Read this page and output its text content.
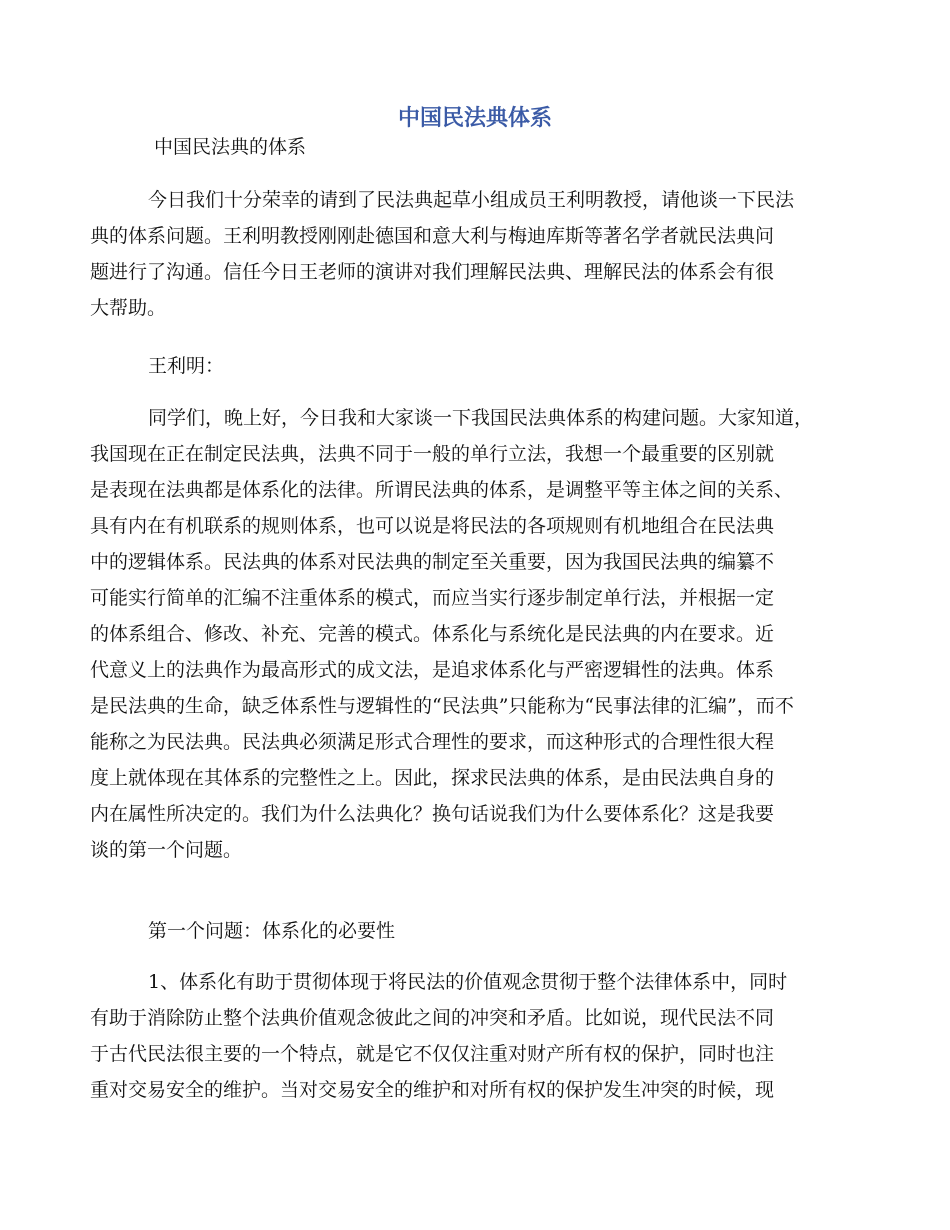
中国民法典体系
中国民法典的体系
今日我们十分荣幸的请到了民法典起草小组成员王利明教授，请他谈一下民法
典的体系问题。王利明教授刚刚赴德国和意大利与梅迪库斯等著名学者就民法典问
题进行了沟通。信任今日王老师的演讲对我们理解民法典、理解民法的体系会有很
大帮助。
王利明：
同学们，晚上好，今日我和大家谈一下我国民法典体系的构建问题。大家知道，
我国现在正在制定民法典，法典不同于一般的单行立法，我想一个最重要的区别就
是表现在法典都是体系化的法律。所谓民法典的体系，是调整平等主体之间的关系、
具有内在有机联系的规则体系，也可以说是将民法的各项规则有机地组合在民法典
中的逻辑体系。民法典的体系对民法典的制定至关重要，因为我国民法典的编纂不
可能实行简单的汇编不注重体系的模式，而应当实行逐步制定单行法，并根据一定
的体系组合、修改、补充、完善的模式。体系化与系统化是民法典的内在要求。近
代意义上的法典作为最高形式的成文法，是追求体系化与严密逻辑性的法典。体系
是民法典的生命，缺乏体系性与逻辑性的“民法典”只能称为“民事法律的汇编”，而不
能称之为民法典。民法典必须满足形式合理性的要求，而这种形式的合理性很大程
度上就体现在其体系的完整性之上。因此，探求民法典的体系，是由民法典自身的
内在属性所决定的。我们为什么法典化？换句话说我们为什么要体系化？这是我要
谈的第一个问题。
第一个问题：体系化的必要性
1、体系化有助于贯彻体现于将民法的价值观念贯彻于整个法律体系中，同时
有助于消除防止整个法典价值观念彼此之间的冲突和矛盾。比如说，现代民法不同
于古代民法很主要的一个特点，就是它不仅仅注重对财产所有权的保护，同时也注
重对交易安全的维护。当对交易安全的维护和对所有权的保护发生冲突的时候，现
